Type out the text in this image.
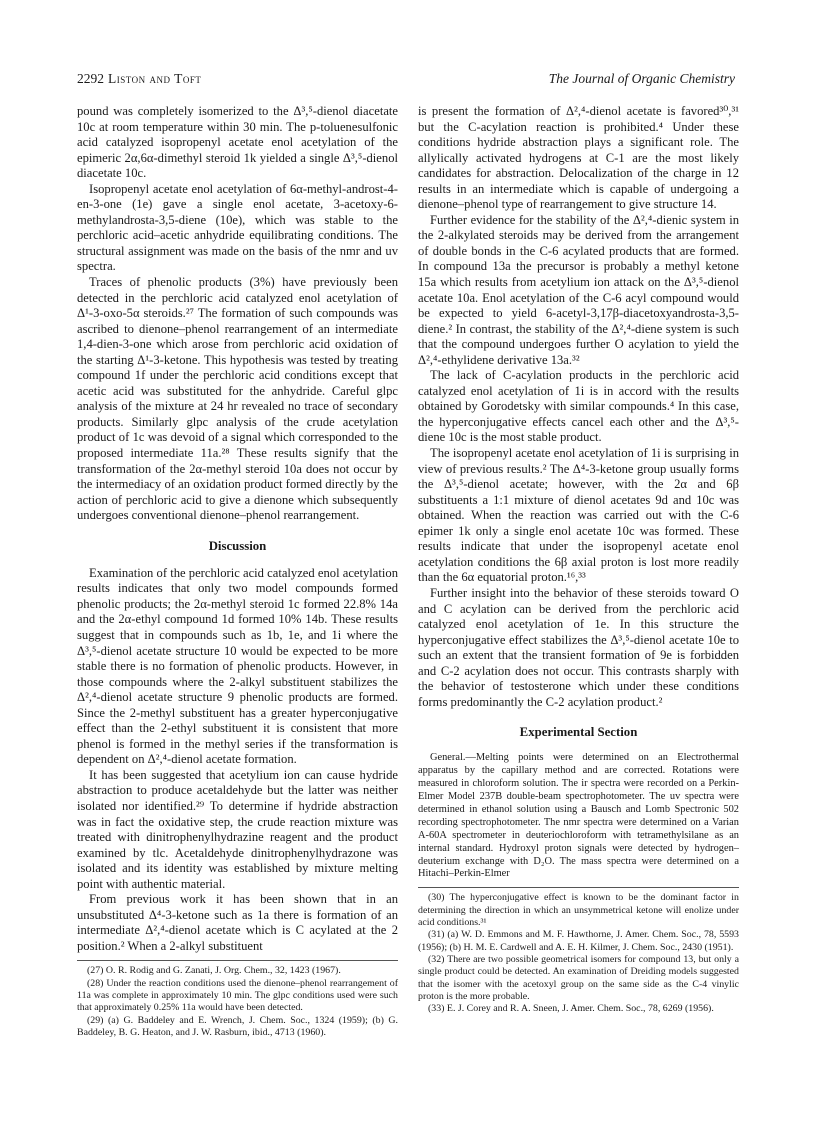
2292 Liston and Toft	The Journal of Organic Chemistry

pound was completely isomerized to the Δ³,⁵-dienol diacetate 10c at room temperature within 30 min. The p-toluenesulfonic acid catalyzed isopropenyl acetate enol acetylation of the epimeric 2α,6α-dimethyl steroid 1k yielded a single Δ³,⁵-dienol diacetate 10c.

Isopropenyl acetate enol acetylation of 6α-methyl-androst-4-en-3-one (1e) gave a single enol acetate, 3-acetoxy-6-methylandrosta-3,5-diene (10e), which was stable to the perchloric acid–acetic anhydride equilibrating conditions. The structural assignment was made on the basis of the nmr and uv spectra.

Traces of phenolic products (3%) have previously been detected in the perchloric acid catalyzed enol acetylation of Δ¹-3-oxo-5α steroids.²⁷ The formation of such compounds was ascribed to dienone–phenol rearrangement of an intermediate 1,4-dien-3-one which arose from perchloric acid oxidation of the starting Δ¹-3-ketone. This hypothesis was tested by treating compound 1f under the perchloric acid conditions except that acetic acid was substituted for the anhydride. Careful glpc analysis of the mixture at 24 hr revealed no trace of secondary products. Similarly glpc analysis of the crude acetylation product of 1c was devoid of a signal which corresponded to the proposed intermediate 11a.²⁸ These results signify that the transformation of the 2α-methyl steroid 10a does not occur by the intermediacy of an oxidation product formed directly by the action of perchloric acid to give a dienone which subsequently undergoes conventional dienone–phenol rearrangement.

Discussion

Examination of the perchloric acid catalyzed enol acetylation results indicates that only two model compounds formed phenolic products; the 2α-methyl steroid 1c formed 22.8% 14a and the 2α-ethyl compound 1d formed 10% 14b. These results suggest that in compounds such as 1b, 1e, and 1i where the Δ³,⁵-dienol acetate structure 10 would be expected to be more stable there is no formation of phenolic products. However, in those compounds where the 2-alkyl substituent stabilizes the Δ²,⁴-dienol acetate structure 9 phenolic products are formed. Since the 2-methyl substituent has a greater hyperconjugative effect than the 2-ethyl substituent it is consistent that more phenol is formed in the methyl series if the transformation is dependent on Δ²,⁴-dienol acetate formation.

It has been suggested that acetylium ion can cause hydride abstraction to produce acetaldehyde but the latter was neither isolated nor identified.²⁹ To determine if hydride abstraction was in fact the oxidative step, the crude reaction mixture was treated with dinitrophenylhydrazine reagent and the product examined by tlc. Acetaldehyde dinitrophenylhydrazone was isolated and its identity was established by mixture melting point with authentic material.

From previous work it has been shown that in an unsubstituted Δ⁴-3-ketone such as 1a there is formation of an intermediate Δ²,⁴-dienol acetate which is C acylated at the 2 position.² When a 2-alkyl substituent

(27) O. R. Rodig and G. Zanati, J. Org. Chem., 32, 1423 (1967).

(28) Under the reaction conditions used the dienone–phenol rearrangement of 11a was complete in approximately 10 min. The glpc conditions used were such that approximately 0.25% 11a would have been detected.

(29) (a) G. Baddeley and E. Wrench, J. Chem. Soc., 1324 (1959); (b) G. Baddeley, B. G. Heaton, and J. W. Rasburn, ibid., 4713 (1960).

is present the formation of Δ²,⁴-dienol acetate is favored³⁰,³¹ but the C-acylation reaction is prohibited.⁴ Under these conditions hydride abstraction plays a significant role. The allylically activated hydrogens at C-1 are the most likely candidates for abstraction. Delocalization of the charge in 12 results in an intermediate which is capable of undergoing a dienone–phenol type of rearrangement to give structure 14.

Further evidence for the stability of the Δ²,⁴-dienic system in the 2-alkylated steroids may be derived from the arrangement of double bonds in the C-6 acylated products that are formed. In compound 13a the precursor is probably a methyl ketone 15a which results from acetylium ion attack on the Δ³,⁵-dienol acetate 10a. Enol acetylation of the C-6 acyl compound would be expected to yield 6-acetyl-3,17β-diacetoxyandrosta-3,5-diene.² In contrast, the stability of the Δ²,⁴-diene system is such that the compound undergoes further O acylation to yield the Δ²,⁴-ethylidene derivative 13a.³²

The lack of C-acylation products in the perchloric acid catalyzed enol acetylation of 1i is in accord with the results obtained by Gorodetsky with similar compounds.⁴ In this case, the hyperconjugative effects cancel each other and the Δ³,⁵-diene 10c is the most stable product.

The isopropenyl acetate enol acetylation of 1i is surprising in view of previous results.² The Δ⁴-3-ketone group usually forms the Δ³,⁵-dienol acetate; however, with the 2α and 6β substituents a 1:1 mixture of dienol acetates 9d and 10c was obtained. When the reaction was carried out with the C-6 epimer 1k only a single enol acetate 10c was formed. These results indicate that under the isopropenyl acetate enol acetylation conditions the 6β axial proton is lost more readily than the 6α equatorial proton.¹⁶,³³

Further insight into the behavior of these steroids toward O and C acylation can be derived from the perchloric acid catalyzed enol acetylation of 1e. In this structure the hyperconjugative effect stabilizes the Δ³,⁵-dienol acetate 10e to such an extent that the transient formation of 9e is forbidden and C-2 acylation does not occur. This contrasts sharply with the behavior of testosterone which under these conditions forms predominantly the C-2 acylation product.²

Experimental Section

General.—Melting points were determined on an Electrothermal apparatus by the capillary method and are corrected. Rotations were measured in chloroform solution. The ir spectra were recorded on a Perkin-Elmer Model 237B double-beam spectrophotometer. The uv spectra were determined in ethanol solution using a Bausch and Lomb Spectronic 502 recording spectrophotometer. The nmr spectra were determined on a Varian A-60A spectrometer in deuteriochloroform with tetramethylsilane as an internal standard. Hydroxyl proton signals were detected by hydrogen–deuterium exchange with D₂O. The mass spectra were determined on a Hitachi–Perkin-Elmer

(30) The hyperconjugative effect is known to be the dominant factor in determining the direction in which an unsymmetrical ketone will enolize under acid conditions.³¹

(31) (a) W. D. Emmons and M. F. Hawthorne, J. Amer. Chem. Soc., 78, 5593 (1956); (b) H. M. E. Cardwell and A. E. H. Kilmer, J. Chem. Soc., 2430 (1951).

(32) There are two possible geometrical isomers for compound 13, but only a single product could be detected. An examination of Dreiding models suggested that the isomer with the acetoxyl group on the same side as the C-4 vinylic proton is the more probable.

(33) E. J. Corey and R. A. Sneen, J. Amer. Chem. Soc., 78, 6269 (1956).
